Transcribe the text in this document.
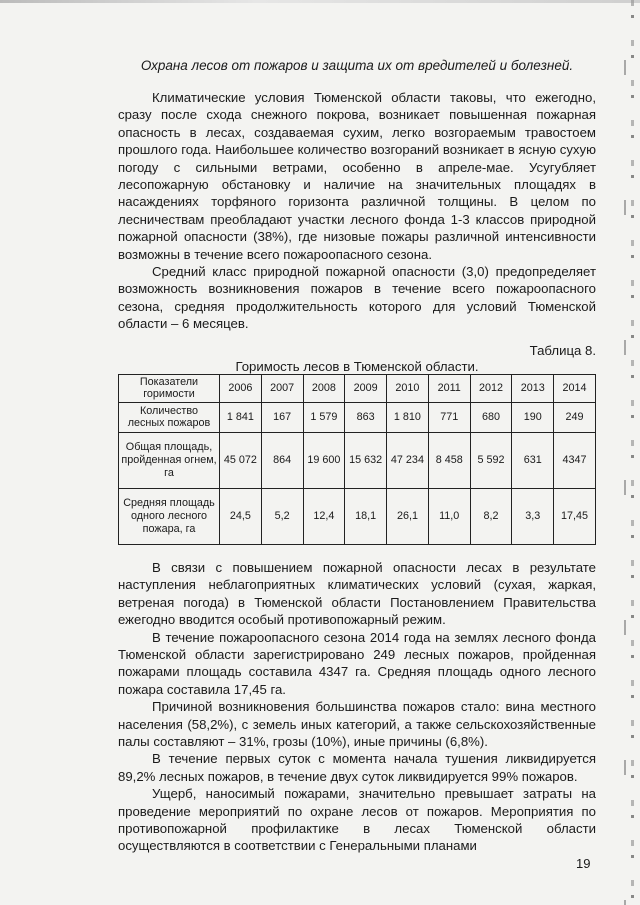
Охрана лесов от пожаров и защита их от вредителей и болезней.

Климатические условия Тюменской области таковы, что ежегодно, сразу после схода снежного покрова, возникает повышенная пожарная опасность в лесах, создаваемая сухим, легко возгораемым травостоем прошлого года. Наибольшее количество возгораний возникает в ясную сухую погоду с сильными ветрами, особенно в апреле-мае. Усугубляет лесопожарную обстановку и наличие на значительных площадях в насаждениях торфяного горизонта различной толщины. В целом по лесничествам преобладают участки лесного фонда 1-3 классов природной пожарной опасности (38%), где низовые пожары различной интенсивности возможны в течение всего пожароопасного сезона.

Средний класс природной пожарной опасности (3,0) предопределяет возможность возникновения пожаров в течение всего пожароопасного сезона, средняя продолжительность которого для условий Тюменской области – 6 месяцев.

Таблица 8.

Горимость лесов в Тюменской области.

Показатели горимости	2006	2007	2008	2009	2010	2011	2012	2013	2014
Количество лесных пожаров	1 841	167	1 579	863	1 810	771	680	190	249
Общая площадь, пройденная огнем, га	45 072	864	19 600	15 632	47 234	8 458	5 592	631	4347
Средняя площадь одного лесного пожара, га	24,5	5,2	12,4	18,1	26,1	11,0	8,2	3,3	17,45

В связи с повышением пожарной опасности лесах в результате наступления неблагоприятных климатических условий (сухая, жаркая, ветреная погода) в Тюменской области Постановлением Правительства ежегодно вводится особый противопожарный режим.

В течение пожароопасного сезона 2014 года на землях лесного фонда Тюменской области зарегистрировано 249 лесных пожаров, пройденная пожарами площадь составила 4347 га. Средняя площадь одного лесного пожара составила 17,45 га.

Причиной возникновения большинства пожаров стало: вина местного населения (58,2%), с земель иных категорий, а также сельскохозяйственные палы составляют – 31%, грозы (10%), иные причины (6,8%).

В течение первых суток с момента начала тушения ликвидируется 89,2% лесных пожаров, в течение двух суток ликвидируется 99% пожаров.

Ущерб, наносимый пожарами, значительно превышает затраты на проведение мероприятий по охране лесов от пожаров. Мероприятия по противопожарной профилактике в лесах Тюменской области осуществляются в соответствии с Генеральными планами

19
